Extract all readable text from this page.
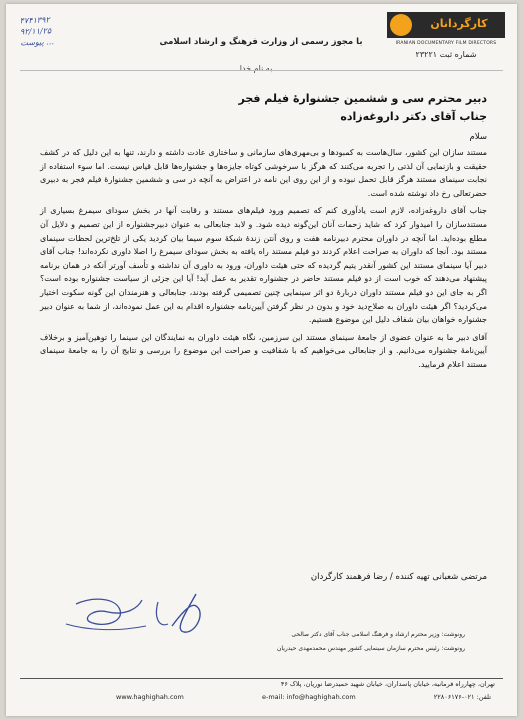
۴۷۴۱۳۹۲
۹۲/۱۱/۲۵
پیوست ...	با مجوز رسمی از وزارت فرهنگ و ارشاد اسلامی
کارگردانان
IRANIAN DOCUMENTARY FILM DIRECTORS
شماره ثبت ۲۳۲۲۱
به نام خدا
دبیر محترم سی و ششمین جشنوارهٔ فیلم فجر
جناب آقای دکتر داروغه‌زاده
سلام

مستند سازان این کشور، سال‌هاست به کمبودها و بی‌مهری‌های سازمانی و ساختاری عادت داشته و دارند، تنها به این دلیل که در کشف حقیقت و بازنمایی آن لذتی را تجربه می‌کنند که هرگز با سرخوشی کوتاه جایزه‌ها و جشنواره‌ها قابل قیاس نیست. اما سوء استفاده از نجابت سینمای مستند هرگز قابل تحمل نبوده و از این روی این نامه در اعتراض به آنچه در سی و ششمین جشنوارهٔ فیلم فجر به دبیری حضرتعالی رخ داد نوشته شده است.

جناب آقای داروغه‌زاده، لازم است یادآوری کنم که تصمیم ورود فیلم‌های مستند و رقابت آنها در بخش سودای سیمرغ بسیاری از مستندسازان را امیدوار کرد که شاید زحمات آنان این‌گونه دیده شود. و لابد جنابعالی به عنوان دبیرجشنواره از این تصمیم و دلایل آن مطلع بوده‌اید. اما آنچه در داوران محترم دبیرنامه هفت و روی آنتن زندهٔ شبکهٔ سوم سیما بیان کردید یکی از تلخ‌ترین لحظات سینمای مستند بود. آنجا که داوران به صراحت اعلام کردند دو فیلم مستند راه یافته به بخش سودای سیمرغ را اصلا داوری نکرده‌اند! جناب آقای دبیر آیا سینمای مستند این کشور آنقدر یتیم گردیده که حتی هیئت داوران، ورود به داوری آن نداشته و تأسف آورتر آنکه در همان برنامه پیشنهاد می‌دهند که خوب است از دو فیلم مستند حاضر در جشنواره تقدیر به عمل آید! آیا این جزئی از سیاست جشنواره بوده است؟ اگر به جای این دو فیلم مستند داوران دربارهٔ دو اثر سینمایی چنین تصمیمی گرفته بودند، جنابعالی و هنرمندان این گونه سکوت اختیار می‌کردید؟ اگر هیئت داوران به صلاح‌دید خود و بدون در نظر گرفتن آیین‌نامه جشنواره اقدام به این عمل نموده‌اند، از شما به عنوان دبیر جشنواره خواهان بیان شفاف دلیل این موضوع هستیم.

آقای دبیر ما به عنوان عضوی از جامعهٔ سینمای مستند این سرزمین، نگاه هیئت داوران به نمایندگان این سینما را توهین‌آمیز و برخلاف آیین‌نامهٔ جشنواره می‌دانیم. و از جنابعالی می‌خواهیم که با شفافیت و صراحت این موضوع را بررسی و نتایج آن را به جامعهٔ سینمای مستند اعلام فرمایید.

مرتضی شعبانی تهیه کننده / رضا فرهمند کارگردان
رونوشت: وزیر محترم ارشاد و فرهنگ اسلامی جناب آقای دکتر صالحی
رونوشت: رئیس محترم سازمان سینمایی کشور مهندس محمدمهدی حیدریان
تهران، چهارراه فرمانیه، خیابان پاسداران، خیابان شهید حمیدرضا نوریان، پلاک ۴۶
www.haghighah.com	e-mail: info@haghighah.com	تلفن: ۰۲۱-۲۲۸۰۶۱۷۶
